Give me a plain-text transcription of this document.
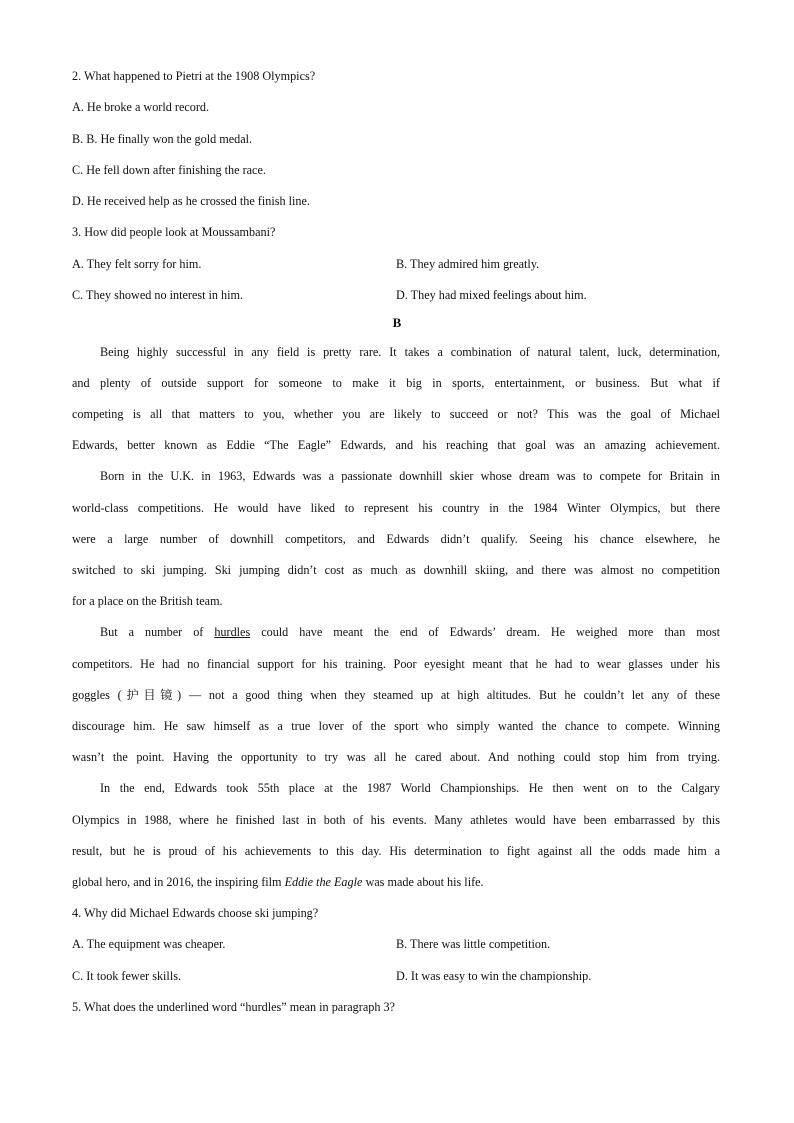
2. What happened to Pietri at the 1908 Olympics?
A. He broke a world record.
B. B. He finally won the gold medal.
C. He fell down after finishing the race.
D. He received help as he crossed the finish line.
3. How did people look at Moussambani?
A. They felt sorry for him.	B. They admired him greatly.
C. They showed no interest in him.	D. They had mixed feelings about him.
B
Being highly successful in any field is pretty rare. It takes a combination of natural talent, luck, determination,
and plenty of outside support for someone to make it big in sports, entertainment, or business. But what if
competing is all that matters to you, whether you are likely to succeed or not? This was the goal of Michael
Edwards, better known as Eddie “The Eagle” Edwards, and his reaching that goal was an amazing achievement.
Born in the U.K. in 1963, Edwards was a passionate downhill skier whose dream was to compete for Britain in
world-class competitions. He would have liked to represent his country in the 1984 Winter Olympics, but there
were a large number of downhill competitors, and Edwards didn’t qualify. Seeing his chance elsewhere, he
switched to ski jumping. Ski jumping didn’t cost as much as downhill skiing, and there was almost no competition
for a place on the British team.
But a number of hurdles could have meant the end of Edwards’ dream. He weighed more than most
competitors. He had no financial support for his training. Poor eyesight meant that he had to wear glasses under his
goggles (护目镜) — not a good thing when they steamed up at high altitudes. But he couldn’t let any of these
discourage him. He saw himself as a true lover of the sport who simply wanted the chance to compete. Winning
wasn’t the point. Having the opportunity to try was all he cared about. And nothing could stop him from trying.
In the end, Edwards took 55th place at the 1987 World Championships. He then went on to the Calgary
Olympics in 1988, where he finished last in both of his events. Many athletes would have been embarrassed by this
result, but he is proud of his achievements to this day. His determination to fight against all the odds made him a
global hero, and in 2016, the inspiring film Eddie the Eagle was made about his life.
4. Why did Michael Edwards choose ski jumping?
A. The equipment was cheaper.	B. There was little competition.
C. It took fewer skills.	D. It was easy to win the championship.
5. What does the underlined word “hurdles” mean in paragraph 3?
